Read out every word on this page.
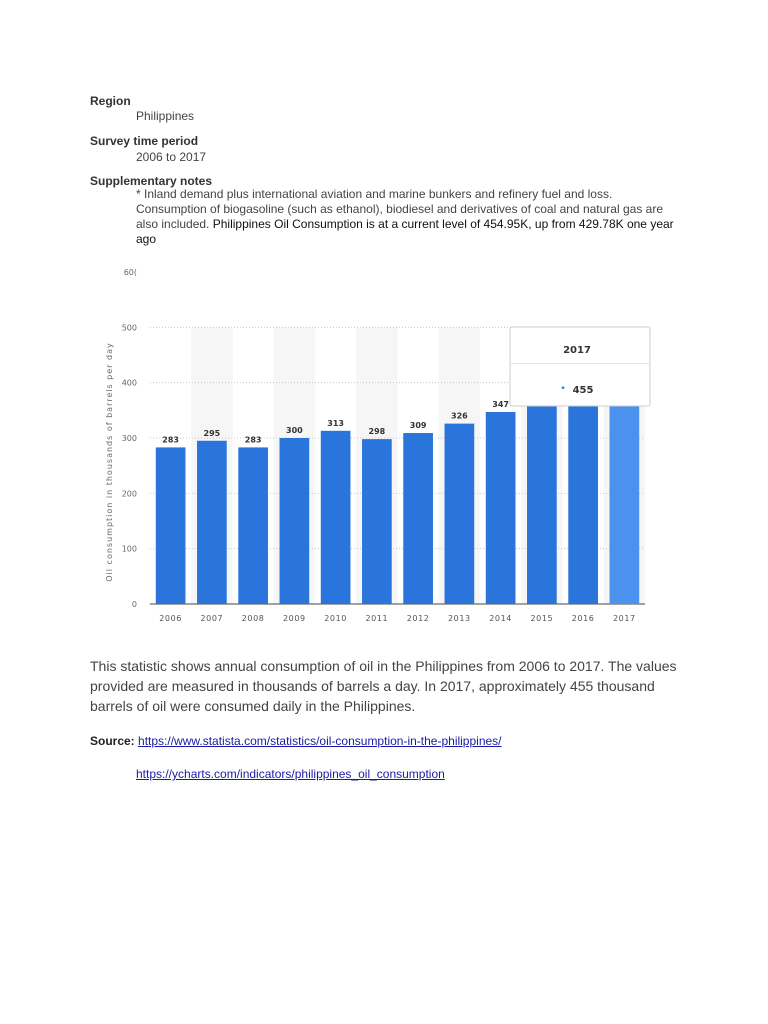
Region
Philippines
Survey time period
2006 to 2017
Supplementary notes
* Inland demand plus international aviation and marine bunkers and refinery fuel and loss. Consumption of biogasoline (such as ethanol), biodiesel and derivatives of coal and natural gas are also included. Philippines Oil Consumption is at a current level of 454.95K, up from 429.78K one year ago
0
100
200
300
400
500
60(
2006 2007 2008 2009 2010 2011 2012 2013 2014 2015 2016 2017
283
295
283
300
313
298
309
326
347
Oil consumption in thousands of barrels per day	2017
• 455
This statistic shows annual consumption of oil in the Philippines from 2006 to 2017. The values provided are measured in thousands of barrels a day. In 2017, approximately 455 thousand barrels of oil were consumed daily in the Philippines.
Source: https://www.statista.com/statistics/oil-consumption-in-the-philippines/
https://ycharts.com/indicators/philippines_oil_consumption
